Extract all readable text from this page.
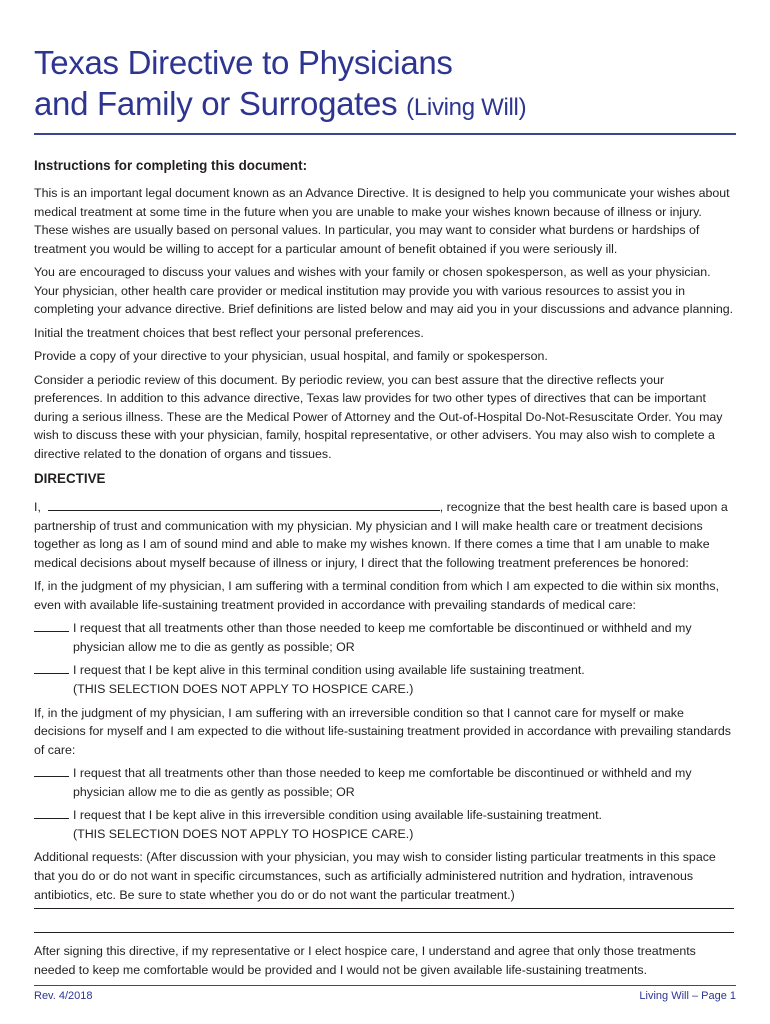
Texas Directive to Physicians
and Family or Surrogates (Living Will)
Instructions for completing this document:

This is an important legal document known as an Advance Directive. It is designed to help you communicate your wishes about medical treatment at some time in the future when you are unable to make your wishes known because of illness or injury. These wishes are usually based on personal values. In particular, you may want to consider what burdens or hardships of treatment you would be willing to accept for a particular amount of benefit obtained if you were seriously ill.

You are encouraged to discuss your values and wishes with your family or chosen spokesperson, as well as your physician. Your physician, other health care provider or medical institution may provide you with various resources to assist you in completing your advance directive. Brief definitions are listed below and may aid you in your discussions and advance planning.

Initial the treatment choices that best reflect your personal preferences.

Provide a copy of your directive to your physician, usual hospital, and family or spokesperson.

Consider a periodic review of this document. By periodic review, you can best assure that the directive reflects your preferences. In addition to this advance directive, Texas law provides for two other types of directives that can be important during a serious illness. These are the Medical Power of Attorney and the Out-of-Hospital Do-Not-Resuscitate Order. You may wish to discuss these with your physician, family, hospital representative, or other advisers. You may also wish to complete a directive related to the donation of organs and tissues.

DIRECTIVE

I,	, recognize that the best health care is based upon a partnership of trust and communication with my physician. My physician and I will make health care or treatment decisions together as long as I am of sound mind and able to make my wishes known. If there comes a time that I am unable to make medical decisions about myself because of illness or injury, I direct that the following treatment preferences be honored:

If, in the judgment of my physician, I am suffering with a terminal condition from which I am expected to die within six months, even with available life-sustaining treatment provided in accordance with prevailing standards of medical care:

I request that all treatments other than those needed to keep me comfortable be discontinued or withheld and my physician allow me to die as gently as possible; OR
I request that I be kept alive in this terminal condition using available life sustaining treatment.
(THIS SELECTION DOES NOT APPLY TO HOSPICE CARE.)

If, in the judgment of my physician, I am suffering with an irreversible condition so that I cannot care for myself or make decisions for myself and I am expected to die without life-sustaining treatment provided in accordance with prevailing standards of care:

I request that all treatments other than those needed to keep me comfortable be discontinued or withheld and my physician allow me to die as gently as possible; OR
I request that I be kept alive in this irreversible condition using available life-sustaining treatment.
(THIS SELECTION DOES NOT APPLY TO HOSPICE CARE.)

Additional requests: (After discussion with your physician, you may wish to consider listing particular treatments in this space that you do or do not want in specific circumstances, such as artificially administered nutrition and hydration, intravenous antibiotics, etc. Be sure to state whether you do or do not want the particular treatment.)

After signing this directive, if my representative or I elect hospice care, I understand and agree that only those treatments needed to keep me comfortable would be provided and I would not be given available life-sustaining treatments.

Rev. 4/2018	Living Will – Page 1
